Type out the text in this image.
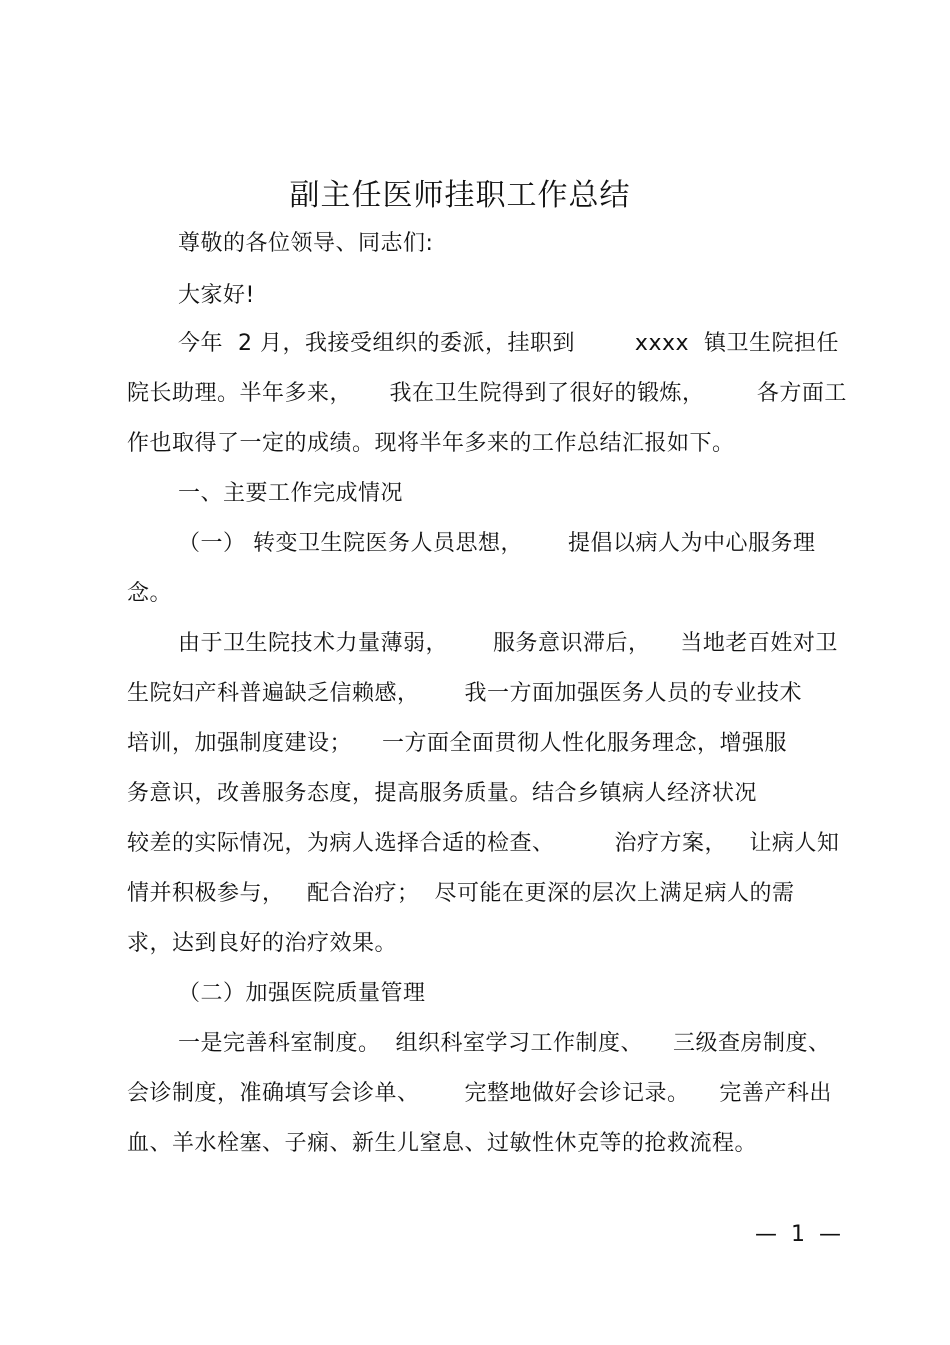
副主任医师挂职工作总结
尊敬的各位领导、同志们:
大家好!
今年  2 月，我接受组织的委派，挂职到        xxxx  镇卫生院担任
院长助理。半年多来，     我在卫生院得到了很好的锻炼，       各方面工
作也取得了一定的成绩。现将半年多来的工作总结汇报如下。
一、主要工作完成情况
（一） 转变卫生院医务人员思想，      提倡以病人为中心服务理
念。
由于卫生院技术力量薄弱，      服务意识滞后，    当地老百姓对卫
生院妇产科普遍缺乏信赖感，      我一方面加强医务人员的专业技术
培训，加强制度建设；    一方面全面贯彻人性化服务理念，增强服
务意识，改善服务态度，提高服务质量。结合乡镇病人经济状况
较差的实际情况，为病人选择合适的检查、        治疗方案，   让病人知
情并积极参与，   配合治疗；  尽可能在更深的层次上满足病人的需
求，达到良好的治疗效果。
（二）加强医院质量管理
一是完善科室制度。  组织科室学习工作制度、    三级查房制度、
会诊制度，准确填写会诊单、      完整地做好会诊记录。    完善产科出
血、羊水栓塞、子痫、新生儿窒息、过敏性休克等的抢救流程。
—  1  —
